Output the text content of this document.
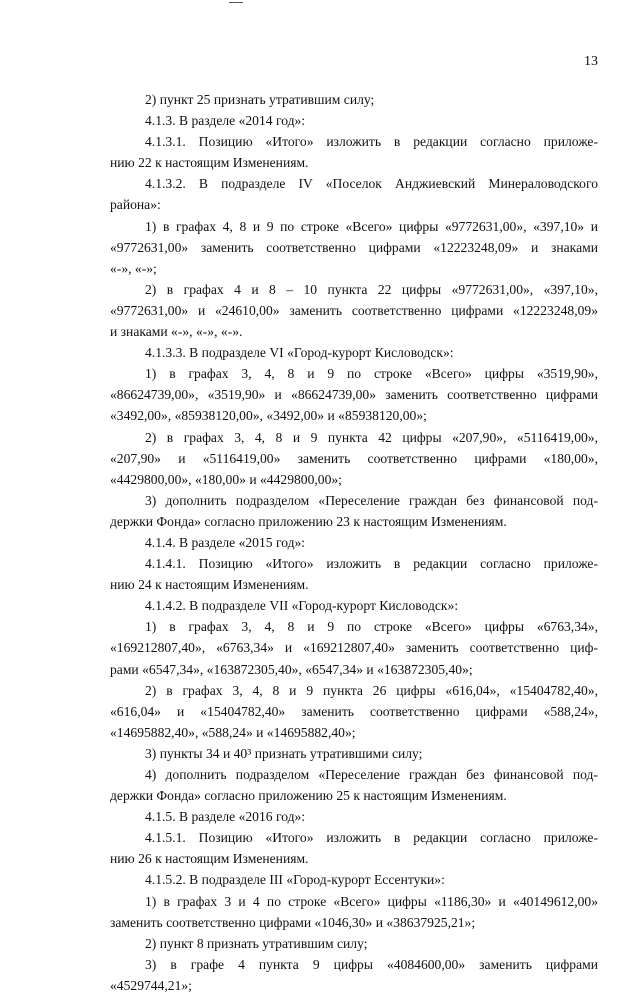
13
2) пункт 25 признать утратившим силу;
4.1.3. В разделе «2014 год»:
4.1.3.1. Позицию «Итого» изложить в редакции согласно приложе-
нию 22 к настоящим Изменениям.
4.1.3.2. В подразделе IV «Поселок Анджиевский Минераловодского
района»:
1) в графах 4, 8 и 9 по строке «Всего» цифры «9772631,00», «397,10» и
«9772631,00» заменить соответственно цифрами «12223248,09» и знаками
«-», «-»;
2) в графах 4 и 8 – 10 пункта 22 цифры «9772631,00», «397,10»,
«9772631,00» и «24610,00» заменить соответственно цифрами «12223248,09»
и знаками «-», «-», «-».
4.1.3.3. В подразделе VI «Город-курорт Кисловодск»:
1) в графах 3, 4, 8 и 9 по строке «Всего» цифры «3519,90»,
«86624739,00», «3519,90» и «86624739,00» заменить соответственно цифрами
«3492,00», «85938120,00», «3492,00» и «85938120,00»;
2) в графах 3, 4, 8 и 9 пункта 42 цифры «207,90», «5116419,00»,
«207,90» и «5116419,00» заменить соответственно цифрами «180,00»,
«4429800,00», «180,00» и «4429800,00»;
3) дополнить подразделом «Переселение граждан без финансовой под-
держки Фонда» согласно приложению 23 к настоящим Изменениям.
4.1.4. В разделе «2015 год»:
4.1.4.1. Позицию «Итого» изложить в редакции согласно приложе-
нию 24 к настоящим Изменениям.
4.1.4.2. В подразделе VII «Город-курорт Кисловодск»:
1) в графах 3, 4, 8 и 9 по строке «Всего» цифры «6763,34»,
«169212807,40», «6763,34» и «169212807,40» заменить соответственно циф-
рами «6547,34», «163872305,40», «6547,34» и «163872305,40»;
2) в графах 3, 4, 8 и 9 пункта 26 цифры «616,04», «15404782,40»,
«616,04» и «15404782,40» заменить соответственно цифрами «588,24»,
«14695882,40», «588,24» и «14695882,40»;
3) пункты 34 и 40³ признать утратившими силу;
4) дополнить подразделом «Переселение граждан без финансовой под-
держки Фонда» согласно приложению 25 к настоящим Изменениям.
4.1.5. В разделе «2016 год»:
4.1.5.1. Позицию «Итого» изложить в редакции согласно приложе-
нию 26 к настоящим Изменениям.
4.1.5.2. В подразделе III «Город-курорт Ессентуки»:
1) в графах 3 и 4 по строке «Всего» цифры «1186,30» и «40149612,00»
заменить соответственно цифрами «1046,30» и «38637925,21»;
2) пункт 8 признать утратившим силу;
3) в графе 4 пункта 9 цифры «4084600,00» заменить цифрами
«4529744,21»;
